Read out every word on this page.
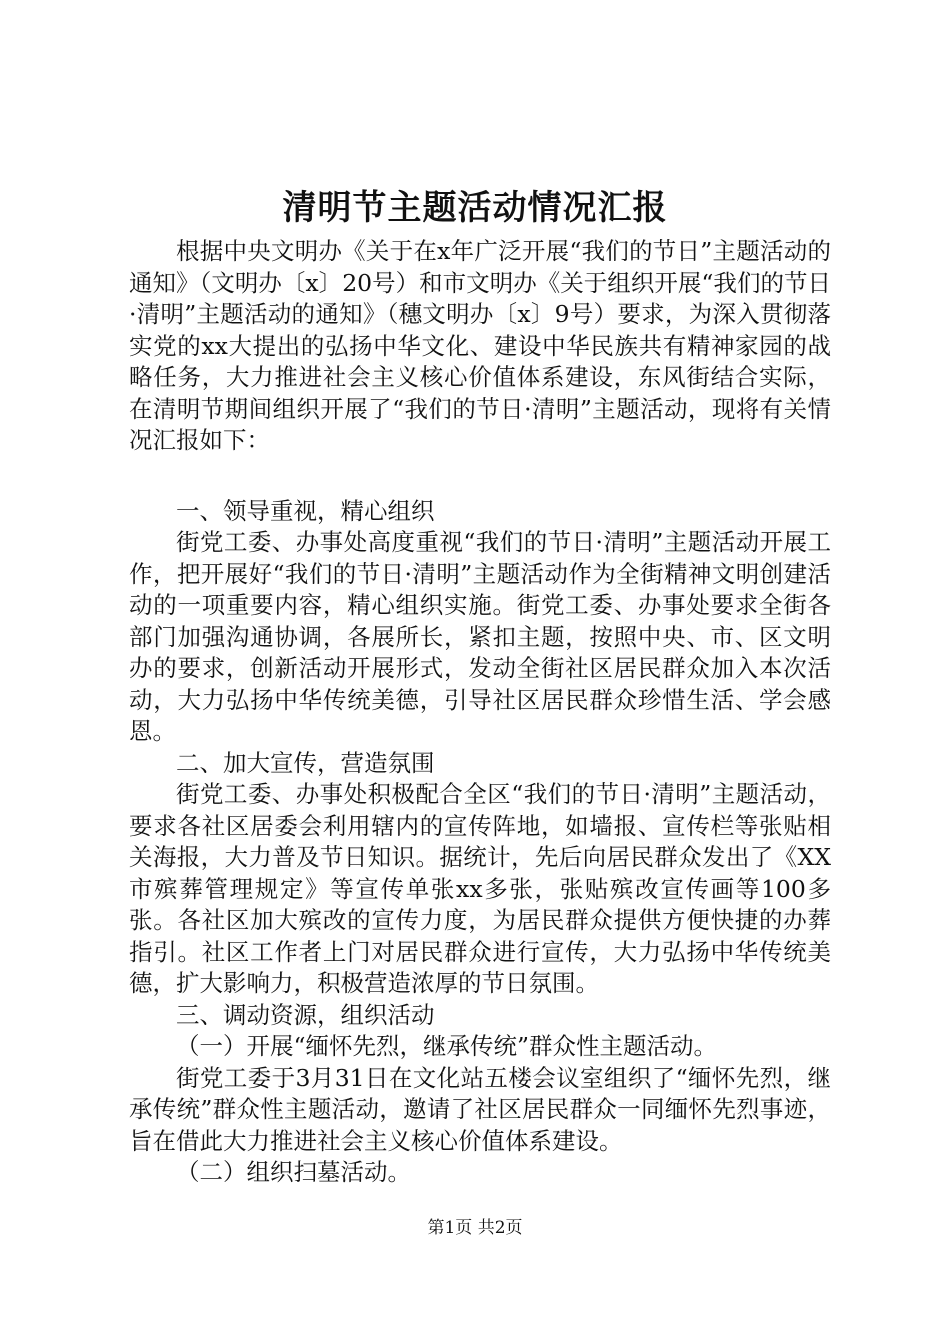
清明节主题活动情况汇报

根据中央文明办《关于在x年广泛开展“我们的节日”主题活动的通知》（文明办〔x〕20号）和市文明办《关于组织开展“我们的节日·清明”主题活动的通知》（穗文明办〔x〕9号）要求，为深入贯彻落实党的xx大提出的弘扬中华文化、建设中华民族共有精神家园的战略任务，大力推进社会主义核心价值体系建设，东风街结合实际，在清明节期间组织开展了“我们的节日·清明”主题活动，现将有关情况汇报如下：

一、领导重视，精心组织

街党工委、办事处高度重视“我们的节日·清明”主题活动开展工作，把开展好“我们的节日·清明”主题活动作为全街精神文明创建活动的一项重要内容，精心组织实施。街党工委、办事处要求全街各部门加强沟通协调，各展所长，紧扣主题，按照中央、市、区文明办的要求，创新活动开展形式，发动全街社区居民群众加入本次活动，大力弘扬中华传统美德，引导社区居民群众珍惜生活、学会感恩。

二、加大宣传，营造氛围

街党工委、办事处积极配合全区“我们的节日·清明”主题活动，要求各社区居委会利用辖内的宣传阵地，如墙报、宣传栏等张贴相关海报，大力普及节日知识。据统计，先后向居民群众发出了《XX市殡葬管理规定》等宣传单张xx多张，张贴殡改宣传画等100多张。各社区加大殡改的宣传力度，为居民群众提供方便快捷的办葬指引。社区工作者上门对居民群众进行宣传，大力弘扬中华传统美德，扩大影响力，积极营造浓厚的节日氛围。

三、调动资源，组织活动

（一）开展“缅怀先烈，继承传统”群众性主题活动。

街党工委于3月31日在文化站五楼会议室组织了“缅怀先烈，继承传统”群众性主题活动，邀请了社区居民群众一同缅怀先烈事迹，旨在借此大力推进社会主义核心价值体系建设。

（二）组织扫墓活动。

第1页 共2页
